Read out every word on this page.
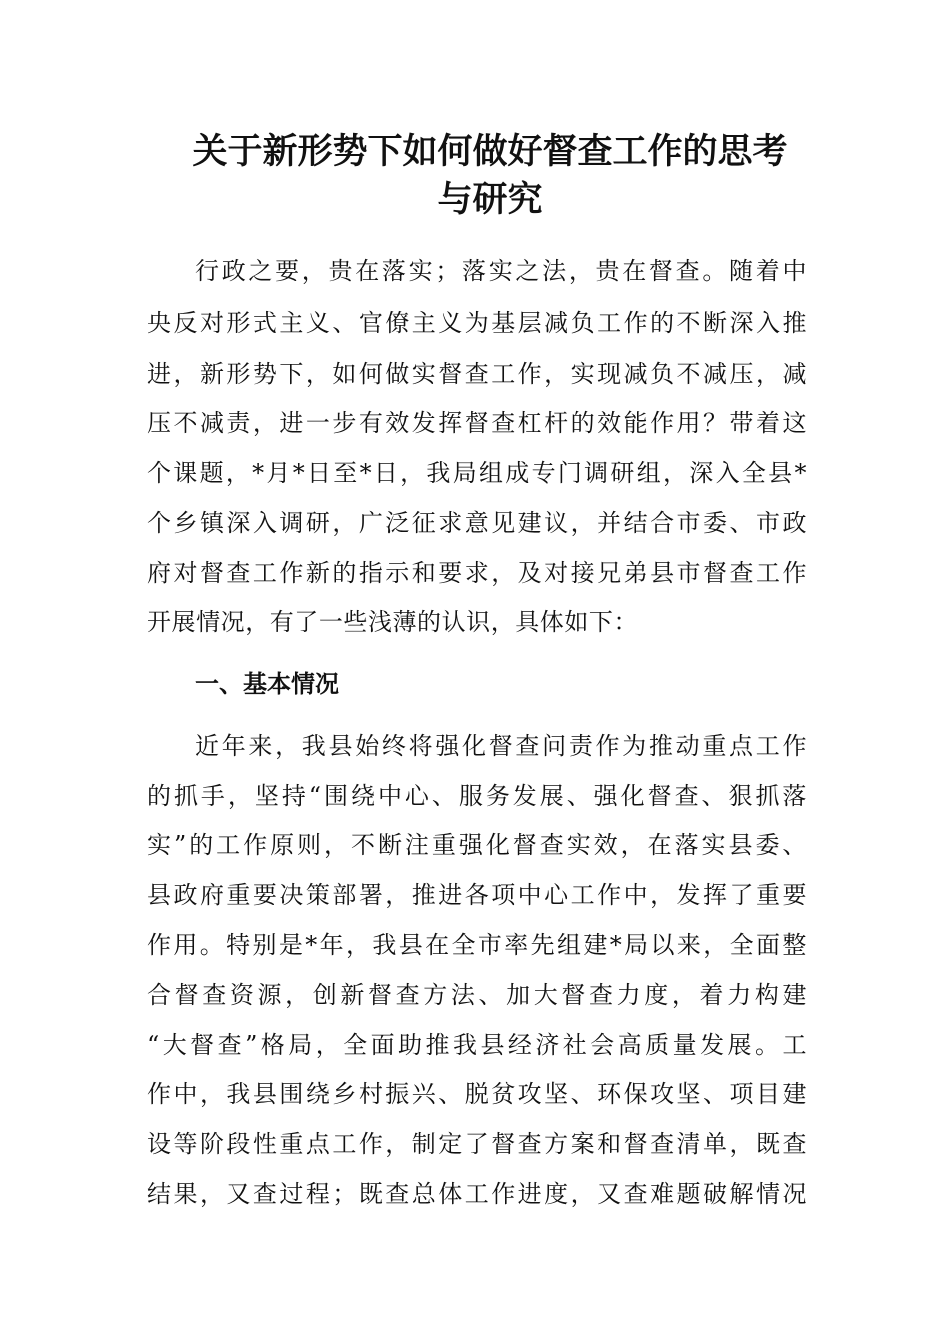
关于新形势下如何做好督查工作的思考
与研究
行政之要，贵在落实；落实之法，贵在督查。随着中
央反对形式主义、官僚主义为基层减负工作的不断深入推
进，新形势下，如何做实督查工作，实现减负不减压，减
压不减责，进一步有效发挥督查杠杆的效能作用？带着这
个课题，*月*日至*日，我局组成专门调研组，深入全县*
个乡镇深入调研，广泛征求意见建议，并结合市委、市政
府对督查工作新的指示和要求，及对接兄弟县市督查工作
开展情况，有了一些浅薄的认识，具体如下：
一、基本情况
近年来，我县始终将强化督查问责作为推动重点工作
的抓手，坚持“围绕中心、服务发展、强化督查、狠抓落
实”的工作原则，不断注重强化督查实效，在落实县委、
县政府重要决策部署，推进各项中心工作中，发挥了重要
作用。特别是*年，我县在全市率先组建*局以来，全面整
合督查资源，创新督查方法、加大督查力度，着力构建
“大督查”格局，全面助推我县经济社会高质量发展。工
作中，我县围绕乡村振兴、脱贫攻坚、环保攻坚、项目建
设等阶段性重点工作，制定了督查方案和督查清单，既查
结果，又查过程；既查总体工作进度，又查难题破解情况
